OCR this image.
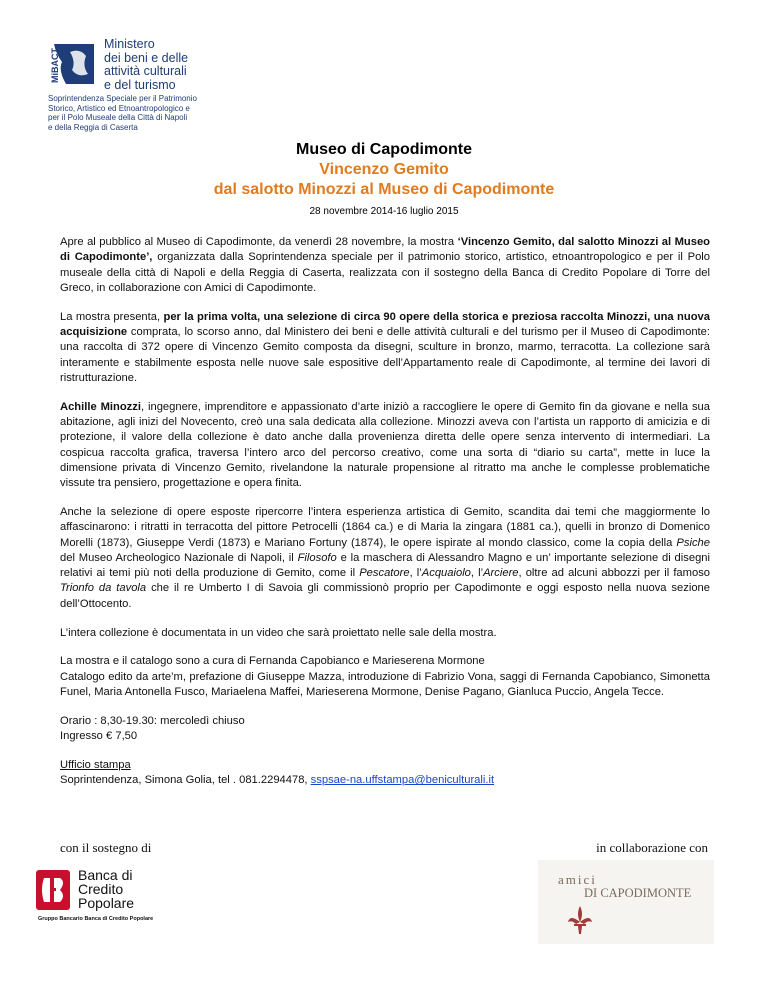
MiBACT
Ministero
dei beni e delle
attività culturali
e del turismo
Soprintendenza Speciale per il Patrimonio
Storico, Artistico ed Etnoantropologico e
per il Polo Museale della Città di Napoli
e della Reggia di Caserta
Museo di Capodimonte
Vincenzo Gemito
dal salotto Minozzi al Museo di Capodimonte
28 novembre 2014-16 luglio 2015

Apre al pubblico al Museo di Capodimonte, da venerdì 28 novembre, la mostra ‘Vincenzo Gemito, dal salotto Minozzi al Museo di Capodimonte’, organizzata dalla Soprintendenza speciale per il patrimonio storico, artistico, etnoantropologico e per il Polo museale della città di Napoli e della Reggia di Caserta, realizzata con il sostegno della Banca di Credito Popolare di Torre del Greco, in collaborazione con Amici di Capodimonte.

La mostra presenta, per la prima volta, una selezione di circa 90 opere della storica e preziosa raccolta Minozzi, una nuova acquisizione comprata, lo scorso anno, dal Ministero dei beni e delle attività culturali e del turismo per il Museo di Capodimonte: una raccolta di 372 opere di Vincenzo Gemito composta da disegni, sculture in bronzo, marmo, terracotta. La collezione sarà interamente e stabilmente esposta nelle nuove sale espositive dell’Appartamento reale di Capodimonte, al termine dei lavori di ristrutturazione.

Achille Minozzi, ingegnere, imprenditore e appassionato d’arte iniziò a raccogliere le opere di Gemito fin da giovane e nella sua abitazione, agli inizi del Novecento, creò una sala dedicata alla collezione. Minozzi aveva con l’artista un rapporto di amicizia e di protezione, il valore della collezione è dato anche dalla provenienza diretta delle opere senza intervento di intermediari. La cospicua raccolta grafica, traversa l’intero arco del percorso creativo, come una sorta di “diario su carta”, mette in luce la dimensione privata di Vincenzo Gemito, rivelandone la naturale propensione al ritratto ma anche le complesse problematiche vissute tra pensiero, progettazione e opera finita.

Anche la selezione di opere esposte ripercorre l’intera esperienza artistica di Gemito, scandita dai temi che maggiormente lo affascinarono: i ritratti in terracotta del pittore Petrocelli (1864 ca.) e di Maria la zingara (1881 ca.), quelli in bronzo di Domenico Morelli (1873), Giuseppe Verdi (1873) e Mariano Fortuny (1874), le opere ispirate al mondo classico, come la copia della Psiche del Museo Archeologico Nazionale di Napoli, il Filosofo e la maschera di Alessandro Magno e un’ importante selezione di disegni relativi ai temi più noti della produzione di Gemito, come il Pescatore, l’Acquaiolo, l’Arciere, oltre ad alcuni abbozzi per il famoso Trionfo da tavola che il re Umberto I di Savoia gli commissionò proprio per Capodimonte e oggi esposto nella nuova sezione dell’Ottocento.

L’intera collezione è documentata in un video che sarà proiettato nelle sale della mostra.

La mostra e il catalogo sono a cura di Fernanda Capobianco e Marieserena Mormone
Catalogo edito da arte’m, prefazione di Giuseppe Mazza, introduzione di Fabrizio Vona, saggi di Fernanda Capobianco, Simonetta Funel, Maria Antonella Fusco, Mariaelena Maffei, Marieserena Mormone, Denise Pagano, Gianluca Puccio, Angela Tecce.

Orario : 8,30-19.30: mercoledì chiuso
Ingresso € 7,50
Ufficio stampa
Soprintendenza, Simona Golia, tel . 081.2294478, sspsae-na.uffstampa@beniculturali.it
con il sostegno di	in collaborazione con
Banca di
Credito
Popolare
Gruppo Bancario Banca di Credito Popolare
amici
DI CAPODIMONTE
